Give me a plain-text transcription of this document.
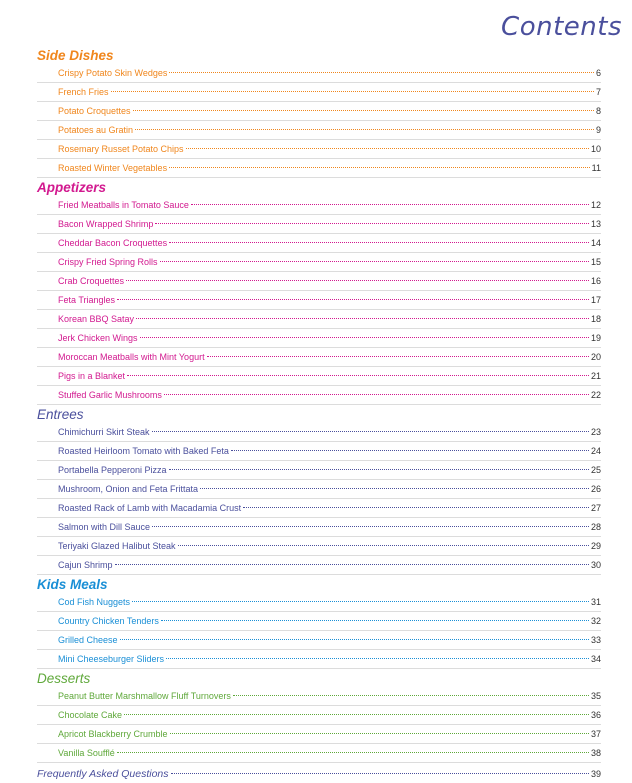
Contents
Side Dishes
Crispy Potato Skin Wedges	6
French Fries	7
Potato Croquettes	8
Potatoes au Gratin	9
Rosemary Russet Potato Chips	10
Roasted Winter Vegetables	11
Appetizers
Fried Meatballs in Tomato Sauce	12
Bacon Wrapped Shrimp	13
Cheddar Bacon Croquettes	14
Crispy Fried Spring Rolls	15
Crab Croquettes	16
Feta Triangles	17
Korean BBQ Satay	18
Jerk Chicken Wings	19
Moroccan Meatballs with Mint Yogurt	20
Pigs in a Blanket	21
Stuffed Garlic Mushrooms	22
Entrees
Chimichurri Skirt Steak	23
Roasted Heirloom Tomato with Baked Feta	24
Portabella Pepperoni Pizza	25
Mushroom, Onion and Feta Frittata	26
Roasted Rack of Lamb with Macadamia Crust	27
Salmon with Dill Sauce	28
Teriyaki Glazed Halibut Steak	29
Cajun Shrimp	30
Kids Meals
Cod Fish Nuggets	31
Country Chicken Tenders	32
Grilled Cheese	33
Mini Cheeseburger Sliders	34
Desserts
Peanut Butter Marshmallow Fluff Turnovers	35
Chocolate Cake	36
Apricot Blackberry Crumble	37
Vanilla Soufflé	38
Frequently Asked Questions	39
